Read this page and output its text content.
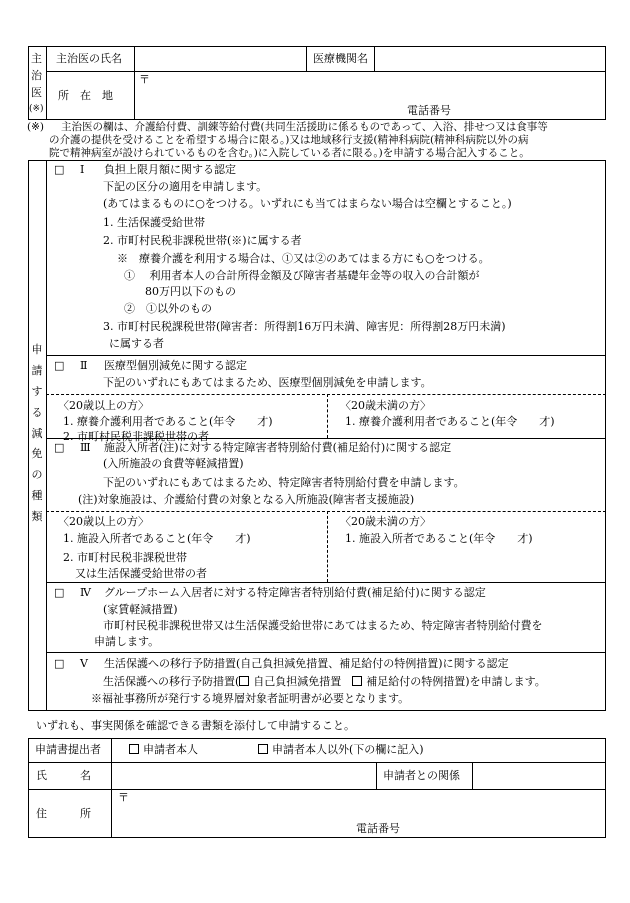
主
治
医
(※)
主治医の氏名	医療機関名
所　在　地
〒
電話番号
(※) 主治医の欄は、介護給付費、訓練等給付費(共同生活援助に係るものであって、入浴、排せつ又は食事等
の介護の提供を受けることを希望する場合に限る。)又は地域移行支援(精神科病院(精神科病院以外の病
院で精神病室が設けられているものを含む。)に入院している者に限る。)を申請する場合記入すること。
申
請
す
る
減
免
の
種
類
□ Ⅰ 負担上限月額に関する認定
下記の区分の適用を申請します。
(あてはまるものに○をつける。いずれにも当てはまらない場合は空欄とすること。)
1. 生活保護受給世帯
2. 市町村民税非課税世帯(※)に属する者
※　療養介護を利用する場合は、①又は②のあてはまる方にも○をつける。
①　 利用者本人の合計所得金額及び障害者基礎年金等の収入の合計額が
80万円以下のもの
②　①以外のもの
3. 市町村民税課税世帯(障害者：所得割16万円未満、障害児：所得割28万円未満)
に属する者
□ Ⅱ 医療型個別減免に関する認定
下記のいずれにもあてはまるため、医療型個別減免を申請します。
〈20歳以上の方〉
1. 療養介護利用者であること(年令　　才)
2. 市町村民税非課税世帯の者
〈20歳未満の方〉
1. 療養介護利用者であること(年令　　才)
□ Ⅲ 施設入所者(注)に対する特定障害者特別給付費(補足給付)に関する認定
(入所施設の食費等軽減措置)
下記のいずれにもあてはまるため、特定障害者特別給付費を申請します。
(注)対象施設は、介護給付費の対象となる入所施設(障害者支援施設)
〈20歳以上の方〉
1. 施設入所者であること(年令　　才)
2. 市町村民税非課税世帯
又は生活保護受給世帯の者
〈20歳未満の方〉
1. 施設入所者であること(年令　　才)
□ Ⅳ グループホーム入居者に対する特定障害者特別給付費(補足給付)に関する認定
(家賃軽減措置)
市町村民税非課税世帯又は生活保護受給世帯にあてはまるため、特定障害者特別給付費を
申請します。
□ Ⅴ 生活保護への移行予防措置(自己負担減免措置、補足給付の特例措置)に関する認定
生活保護への移行予防措置( 自己負担減免措置　補足給付の特例措置)を申請します。
※福祉事務所が発行する境界層対象者証明書が必要となります。
いずれも、事実関係を確認できる書類を添付して申請すること。
申請書提出者	申請者本人	申請者本人以外(下の欄に記入)
氏　　　名	申請者との関係
住　　　所
〒
電話番号
